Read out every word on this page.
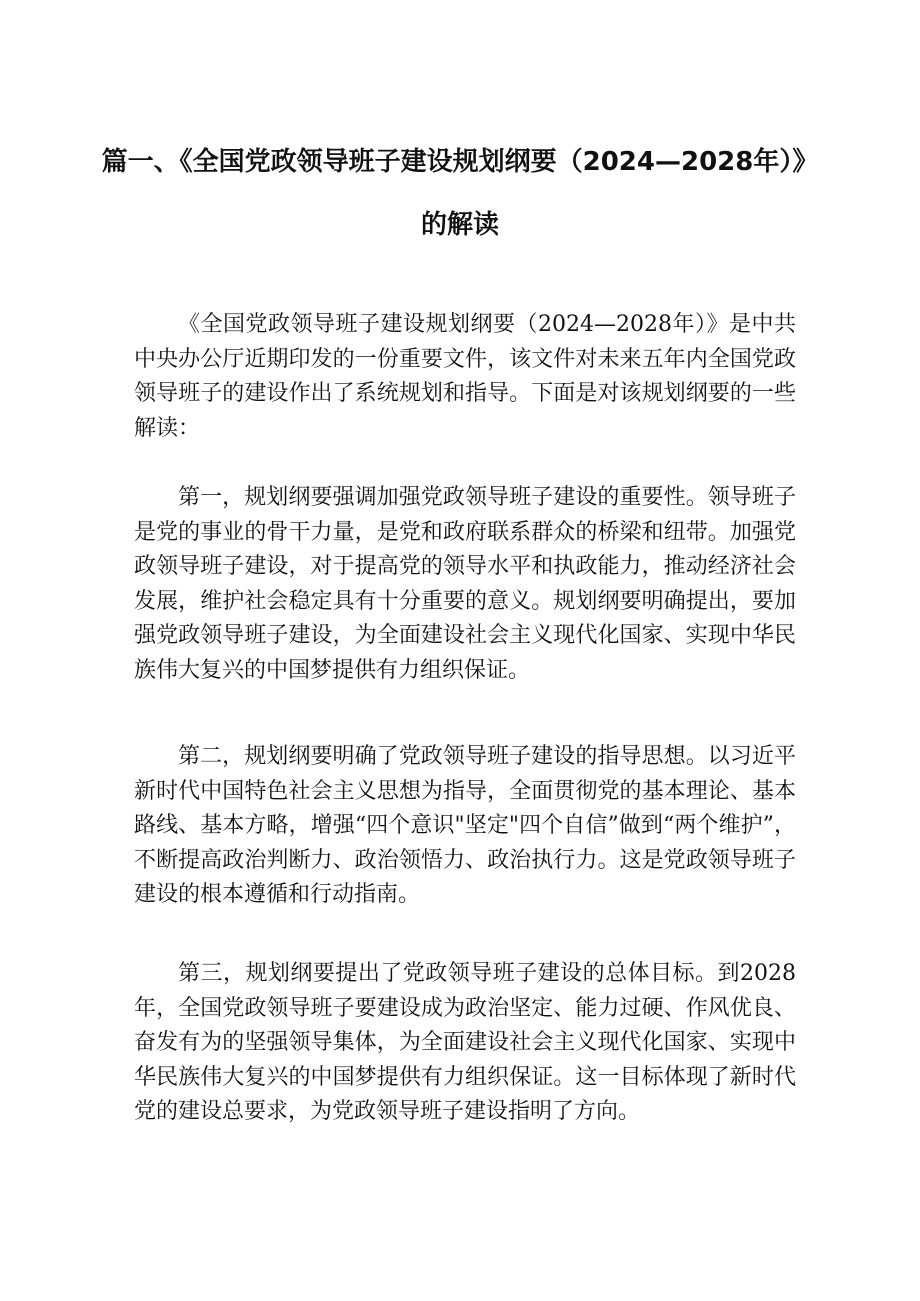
篇一、《全国党政领导班子建设规划纲要（2024—2028年）》
的解读

《全国党政领导班子建设规划纲要（2024—2028年）》是中共中央办公厅近期印发的一份重要文件，该文件对未来五年内全国党政领导班子的建设作出了系统规划和指导。下面是对该规划纲要的一些解读：

第一，规划纲要强调加强党政领导班子建设的重要性。领导班子是党的事业的骨干力量，是党和政府联系群众的桥梁和纽带。加强党政领导班子建设，对于提高党的领导水平和执政能力，推动经济社会发展，维护社会稳定具有十分重要的意义。规划纲要明确提出，要加强党政领导班子建设，为全面建设社会主义现代化国家、实现中华民族伟大复兴的中国梦提供有力组织保证。

第二，规划纲要明确了党政领导班子建设的指导思想。以习近平新时代中国特色社会主义思想为指导，全面贯彻党的基本理论、基本路线、基本方略，增强“四个意识"坚定"四个自信”做到“两个维护”，不断提高政治判断力、政治领悟力、政治执行力。这是党政领导班子建设的根本遵循和行动指南。

第三，规划纲要提出了党政领导班子建设的总体目标。到2028年，全国党政领导班子要建设成为政治坚定、能力过硬、作风优良、奋发有为的坚强领导集体，为全面建设社会主义现代化国家、实现中华民族伟大复兴的中国梦提供有力组织保证。这一目标体现了新时代党的建设总要求，为党政领导班子建设指明了方向。
